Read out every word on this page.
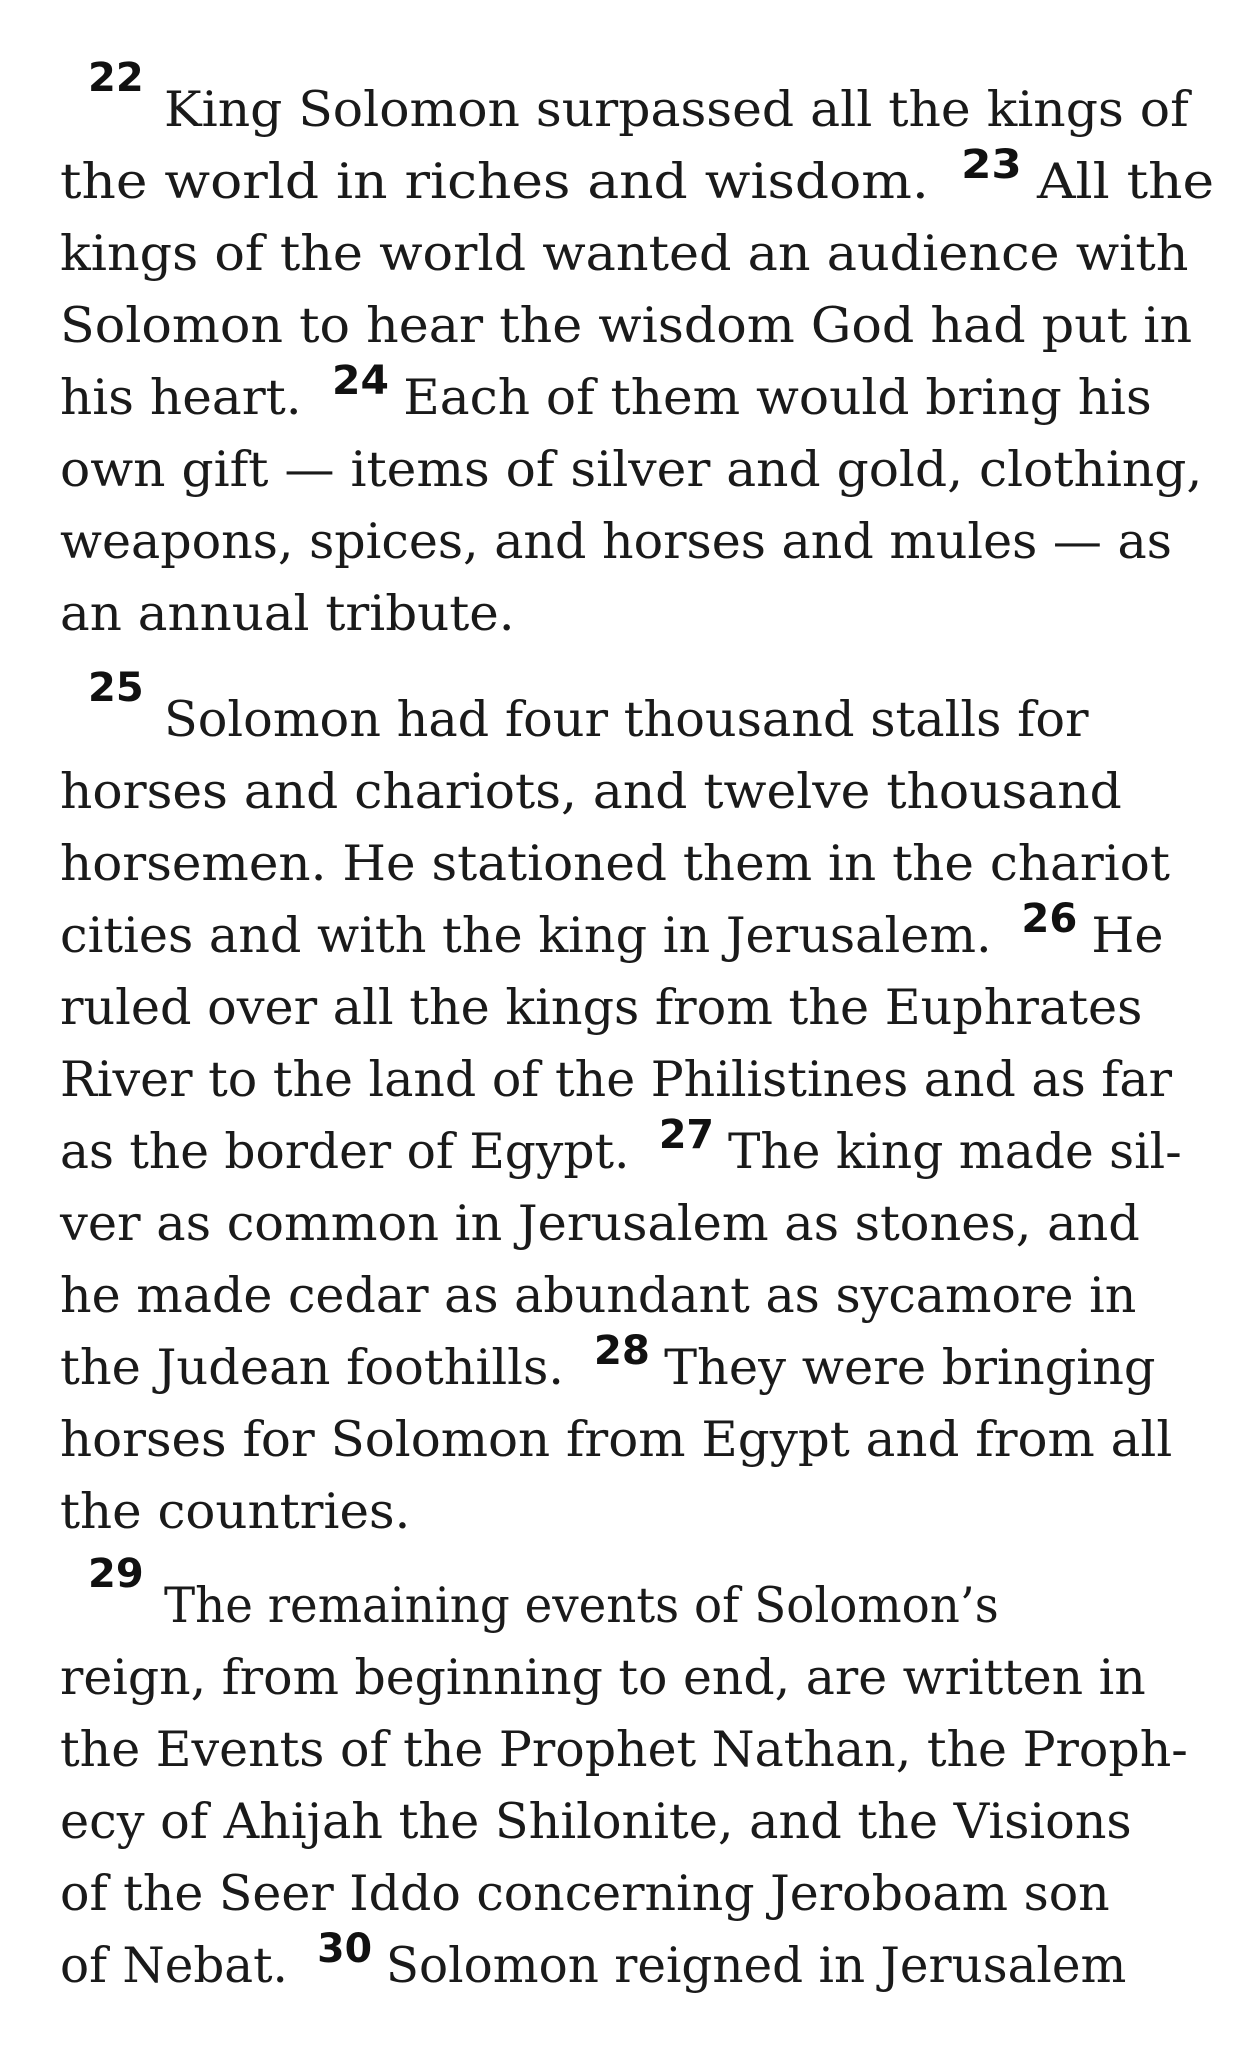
22
King Solomon surpassed all the kings of
the world in riches and wisdom. 23 All the
kings of the world wanted an audience with
Solomon to hear the wisdom God had put in
his heart. 24 Each of them would bring his
own gift — items of silver and gold, clothing,
weapons, spices, and horses and mules — as
an annual tribute.
25
Solomon had four thousand stalls for
horses and chariots, and twelve thousand
horsemen. He stationed them in the chariot
cities and with the king in Jerusalem. 26 He
ruled over all the kings from the Euphrates
River to the land of the Philistines and as far
as the border of Egypt. 27 The king made sil-
ver as common in Jerusalem as stones, and
he made cedar as abundant as sycamore in
the Judean foothills. 28 They were bringing
horses for Solomon from Egypt and from all
the countries.
29
The remaining events of Solomon’s
reign, from beginning to end, are written in
the Events of the Prophet Nathan, the Proph-
ecy of Ahijah the Shilonite, and the Visions
of the Seer Iddo concerning Jeroboam son
of Nebat. 30 Solomon reigned in Jerusalem
